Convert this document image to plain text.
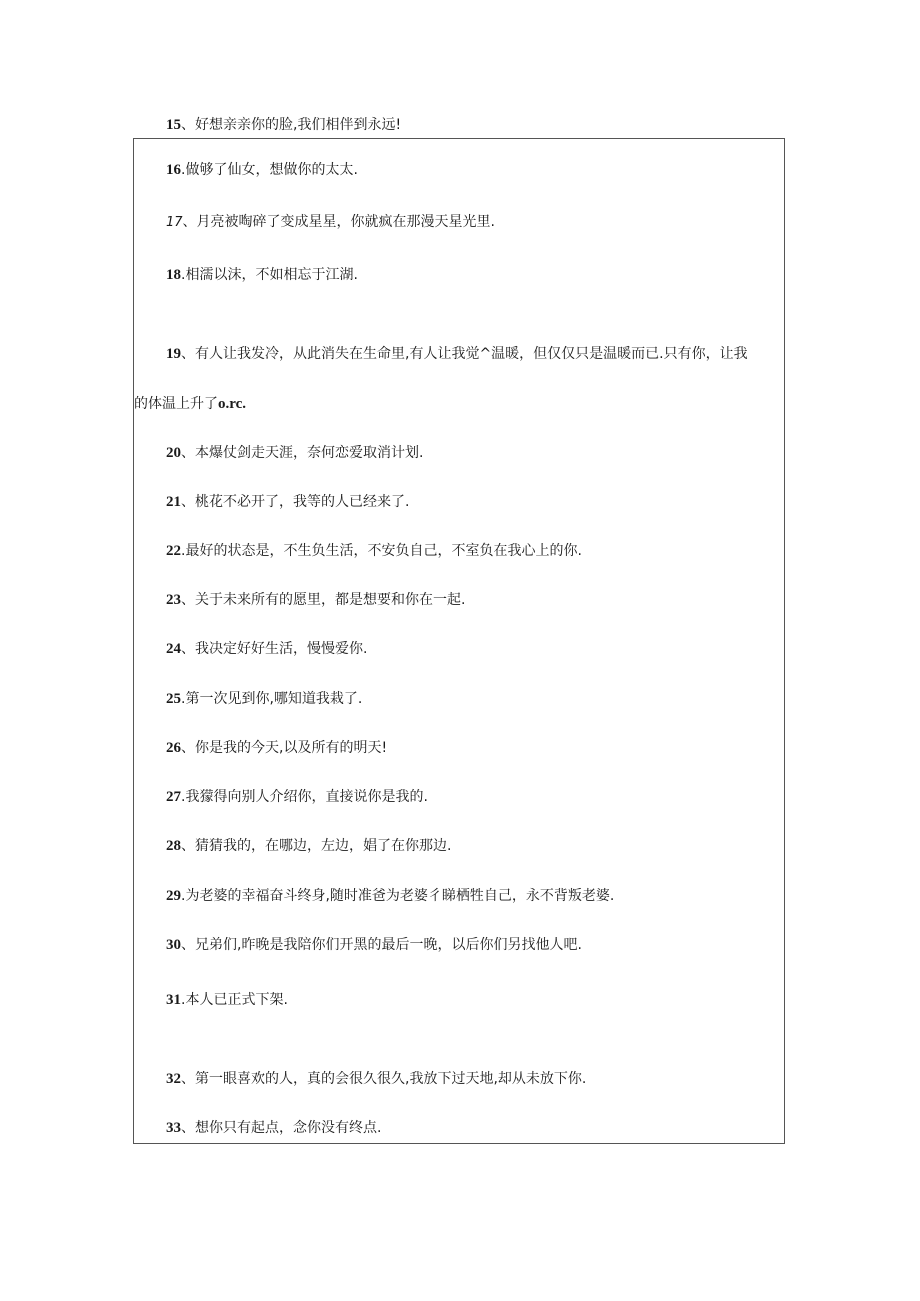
15、好想亲亲你的脸,我们相伴到永远!
16.做够了仙女，想做你的太太.
17、月亮被啕碎了变成星星，你就疯在那漫天星光里.
18.相濡以沫，不如相忘于江湖.
19、有人让我发冷，从此消失在生命里,有人让我觉^温暖，但仅仅只是温暖而已.只有你，让我
的体温上升了o.rc.
20、本爆仗剑走天涯，奈何恋爱取消计划.
21、桃花不必开了，我等的人已经来了.
22.最好的状态是，不生负生活，不安负自己，不室负在我心上的你.
23、关于未来所有的愿里，都是想要和你在一起.
24、我决定好好生活，慢慢爱你.
25.第一次见到你,哪知道我栽了.
26、你是我的今天,以及所有的明天!
27.我獴得向别人介绍你，直接说你是我的.
28、猜猜我的，在哪边，左边，娼了在你那边.
29.为老婆的幸福奋斗终身,随时准爸为老婆彳睇栖牲自己，永不背叛老婆.
30、兄弟们,昨晚是我陪你们开黑的最后一晚，以后你们另找他人吧.
31.本人已正式下架.
32、第一眼喜欢的人，真的会很久很久,我放下过天地,却从未放下你.
33、想你只有起点，念你没有终点.
